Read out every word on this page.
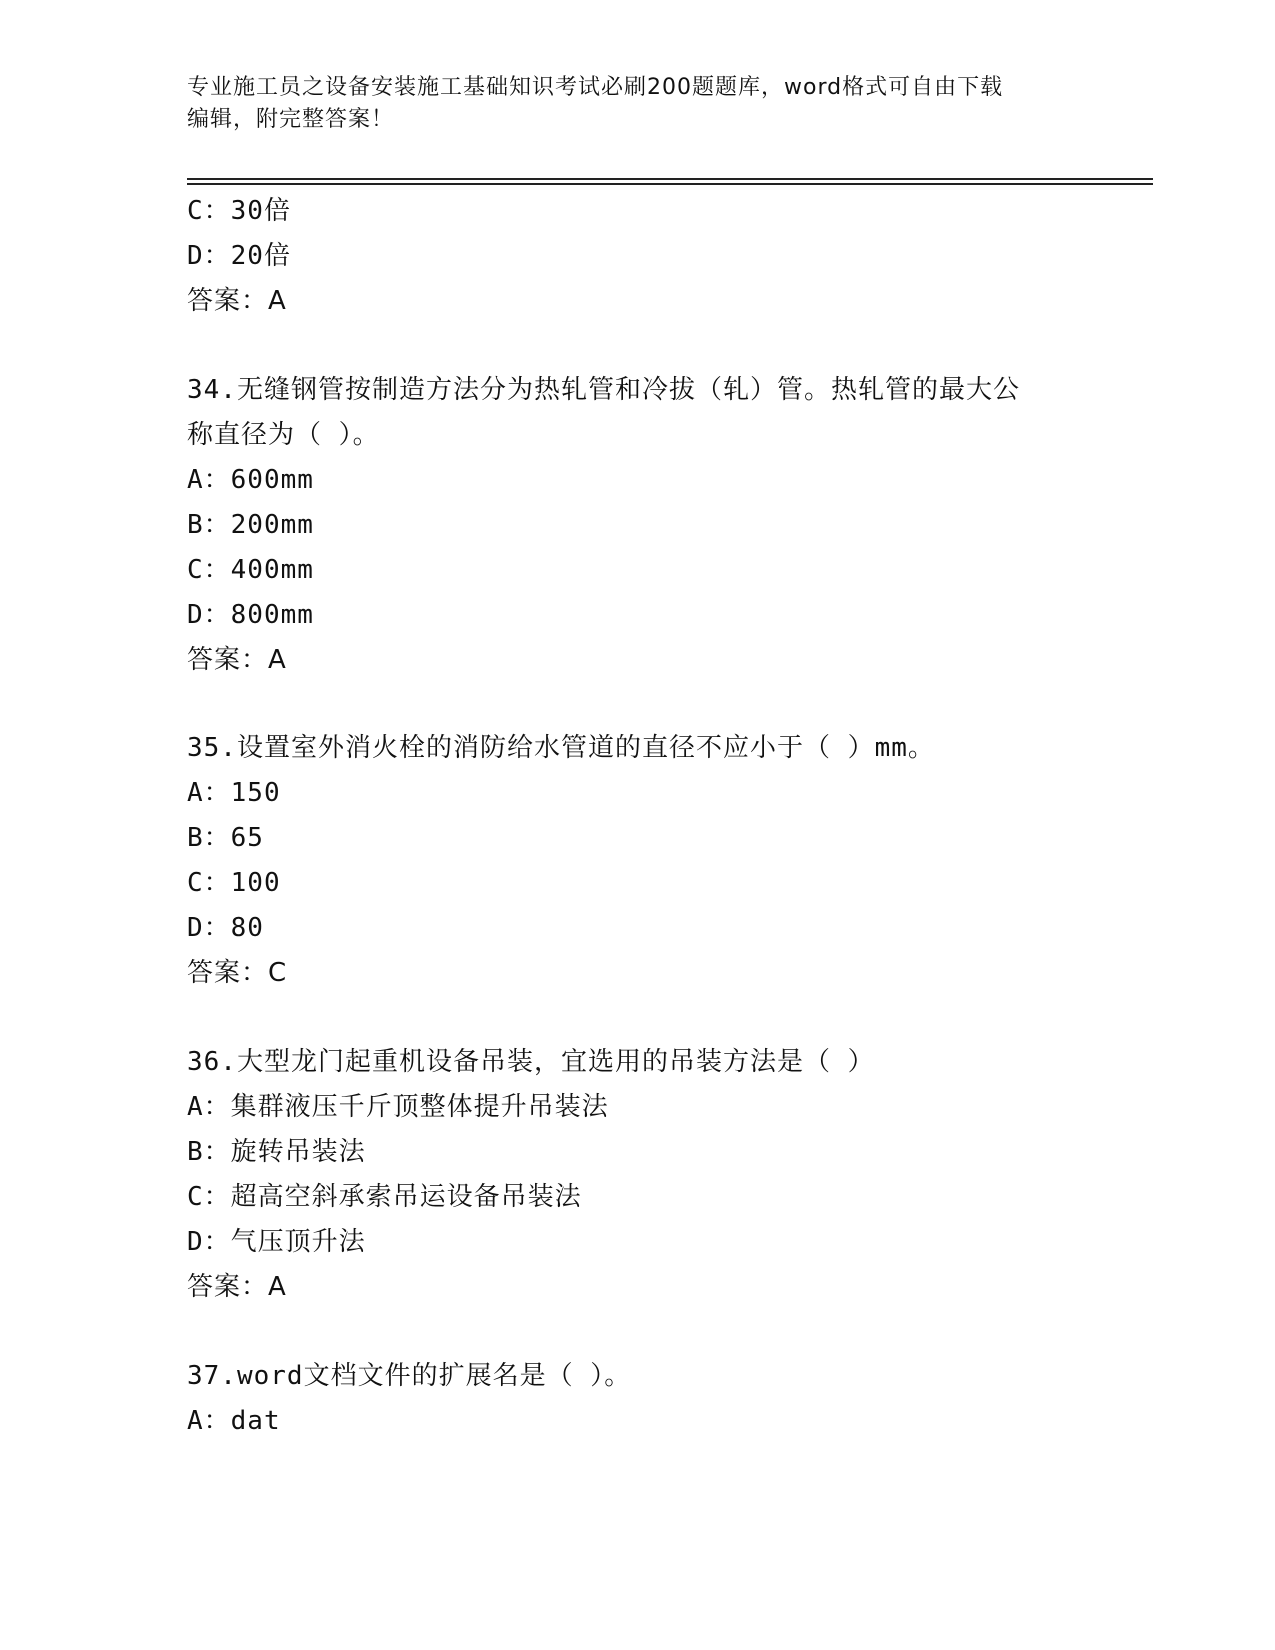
专业施工员之设备安装施工基础知识考试必刷200题题库，word格式可自由下载
编辑，附完整答案！
C：30倍
D：20倍
答案：A
34.无缝钢管按制造方法分为热轧管和冷拔（轧）管。热轧管的最大公
称直径为（ ）。
A：600mm
B：200mm
C：400mm
D：800mm
答案：A
35.设置室外消火栓的消防给水管道的直径不应小于（ ）mm。
A：150
B：65
C：100
D：80
答案：C
36.大型龙门起重机设备吊装，宜选用的吊装方法是（ ）
A：集群液压千斤顶整体提升吊装法
B：旋转吊装法
C：超高空斜承索吊运设备吊装法
D：气压顶升法
答案：A
37.word文档文件的扩展名是（ ）。
A：dat
